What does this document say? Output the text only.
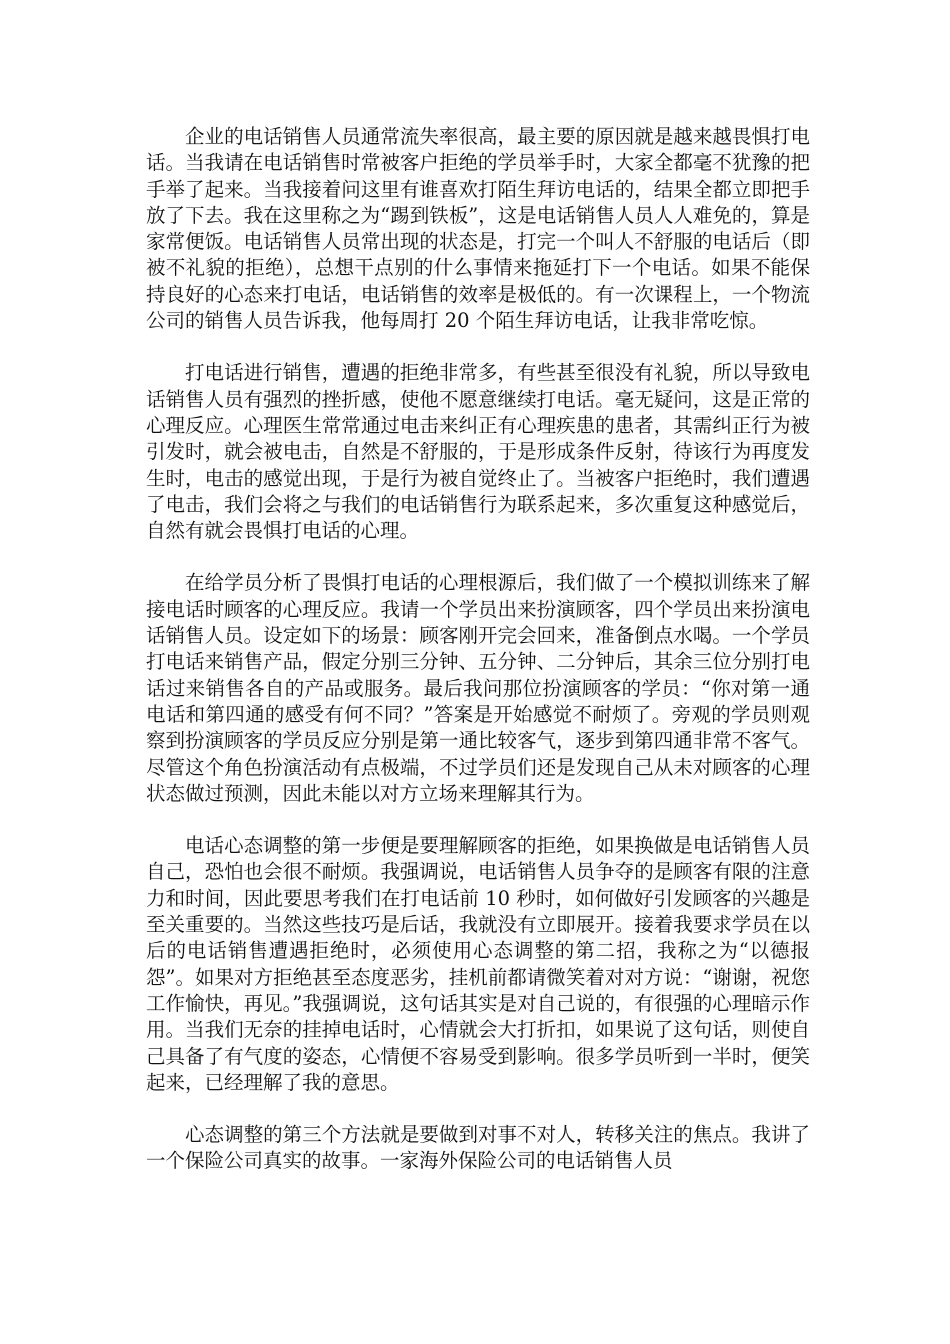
企业的电话销售人员通常流失率很高，最主要的原因就是越来越畏惧打电话。当我请在电话销售时常被客户拒绝的学员举手时，大家全都毫不犹豫的把手举了起来。当我接着问这里有谁喜欢打陌生拜访电话的，结果全都立即把手放了下去。我在这里称之为“踢到铁板”，这是电话销售人员人人难免的，算是家常便饭。电话销售人员常出现的状态是，打完一个叫人不舒服的电话后（即被不礼貌的拒绝），总想干点别的什么事情来拖延打下一个电话。如果不能保持良好的心态来打电话，电话销售的效率是极低的。有一次课程上，一个物流公司的销售人员告诉我，他每周打 20 个陌生拜访电话，让我非常吃惊。

打电话进行销售，遭遇的拒绝非常多，有些甚至很没有礼貌，所以导致电话销售人员有强烈的挫折感，使他不愿意继续打电话。毫无疑问，这是正常的心理反应。心理医生常常通过电击来纠正有心理疾患的患者，其需纠正行为被引发时，就会被电击，自然是不舒服的，于是形成条件反射，待该行为再度发生时，电击的感觉出现，于是行为被自觉终止了。当被客户拒绝时，我们遭遇了电击，我们会将之与我们的电话销售行为联系起来，多次重复这种感觉后，自然有就会畏惧打电话的心理。

在给学员分析了畏惧打电话的心理根源后，我们做了一个模拟训练来了解接电话时顾客的心理反应。我请一个学员出来扮演顾客，四个学员出来扮演电话销售人员。设定如下的场景：顾客刚开完会回来，准备倒点水喝。一个学员打电话来销售产品，假定分别三分钟、五分钟、二分钟后，其余三位分别打电话过来销售各自的产品或服务。最后我问那位扮演顾客的学员：“你对第一通电话和第四通的感受有何不同？”答案是开始感觉不耐烦了。旁观的学员则观察到扮演顾客的学员反应分别是第一通比较客气，逐步到第四通非常不客气。尽管这个角色扮演活动有点极端，不过学员们还是发现自己从未对顾客的心理状态做过预测，因此未能以对方立场来理解其行为。

电话心态调整的第一步便是要理解顾客的拒绝，如果换做是电话销售人员自己，恐怕也会很不耐烦。我强调说，电话销售人员争夺的是顾客有限的注意力和时间，因此要思考我们在打电话前 10 秒时，如何做好引发顾客的兴趣是至关重要的。当然这些技巧是后话，我就没有立即展开。接着我要求学员在以后的电话销售遭遇拒绝时，必须使用心态调整的第二招，我称之为“以德报怨”。如果对方拒绝甚至态度恶劣，挂机前都请微笑着对对方说：“谢谢，祝您工作愉快，再见。”我强调说，这句话其实是对自己说的，有很强的心理暗示作用。当我们无奈的挂掉电话时，心情就会大打折扣，如果说了这句话，则使自己具备了有气度的姿态，心情便不容易受到影响。很多学员听到一半时，便笑起来，已经理解了我的意思。

心态调整的第三个方法就是要做到对事不对人，转移关注的焦点。我讲了一个保险公司真实的故事。一家海外保险公司的电话销售人员
